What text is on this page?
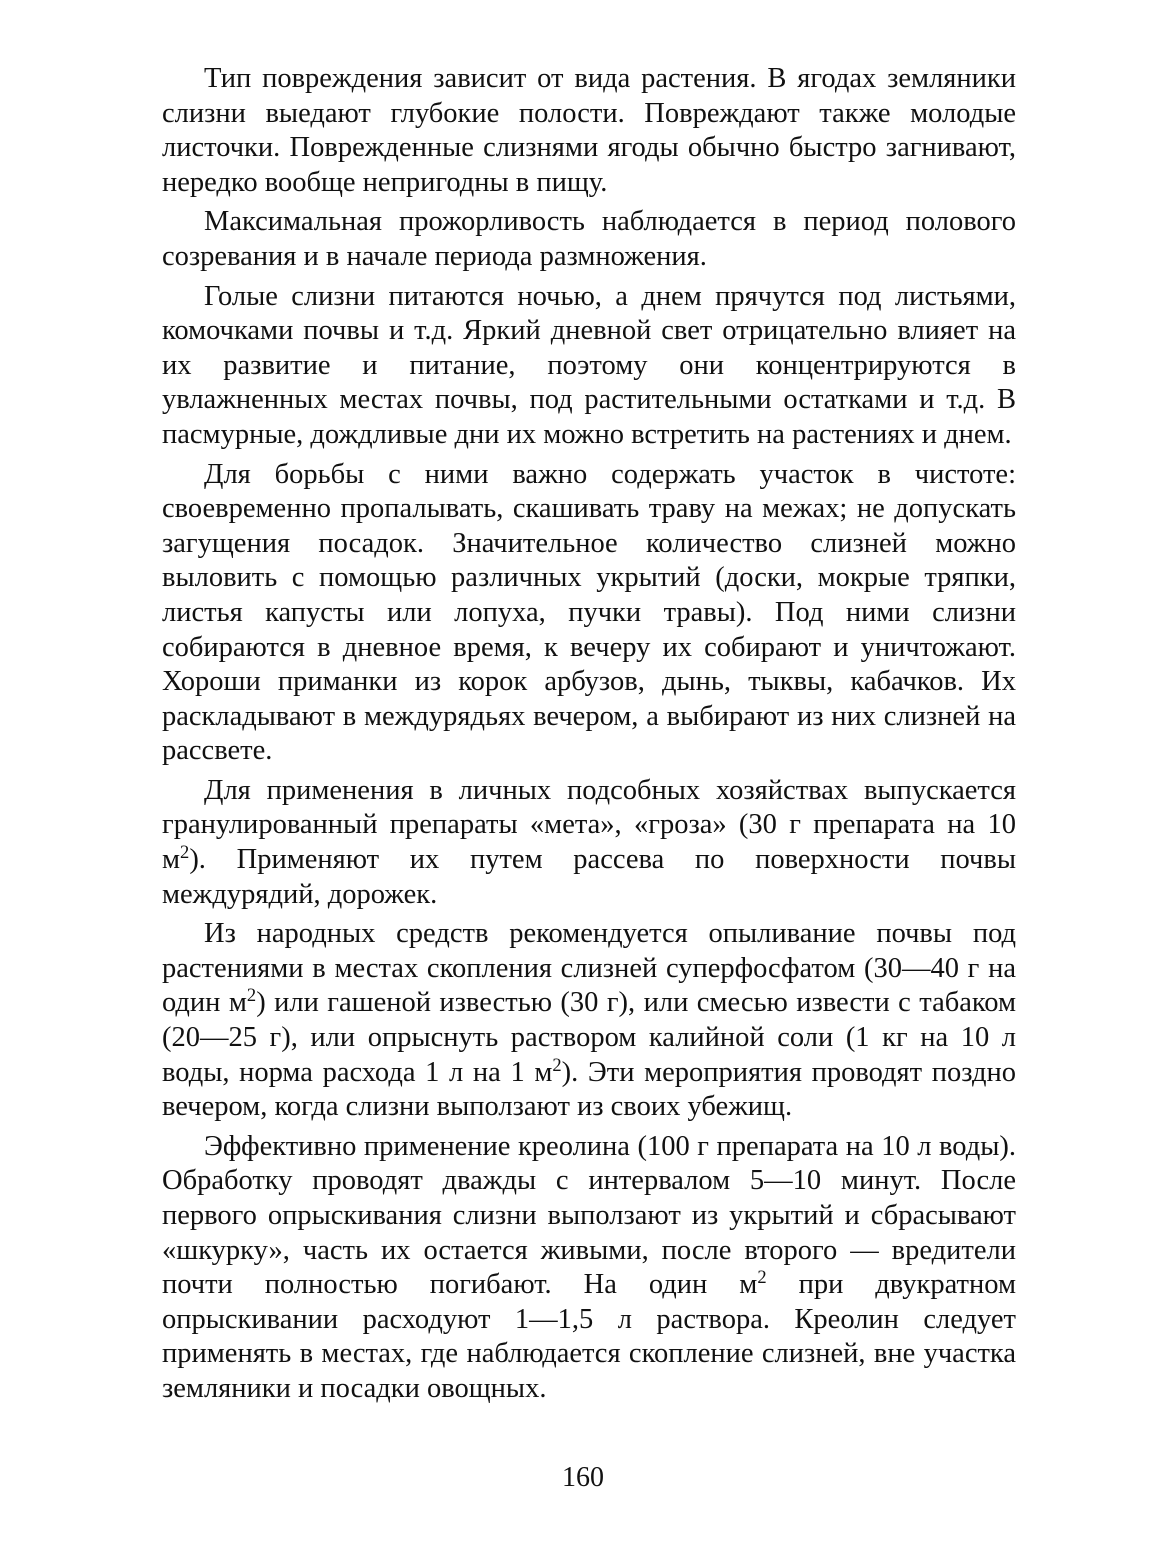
Тип повреждения зависит от вида растения. В ягодах земляники слизни выедают глубокие полости. Повреждают также молодые листочки. Поврежденные слизнями ягоды обычно быстро загнивают, нередко вообще непригодны в пищу.

Максимальная прожорливость наблюдается в период полового созревания и в начале периода размножения.

Голые слизни питаются ночью, а днем прячутся под листьями, комочками почвы и т.д. Яркий дневной свет отрицательно влияет на их развитие и питание, поэтому они концентрируются в увлажненных местах почвы, под растительными остатками и т.д. В пасмурные, дождливые дни их можно встретить на растениях и днем.

Для борьбы с ними важно содержать участок в чистоте: своевременно пропалывать, скашивать траву на межах; не допускать загущения посадок. Значительное количество слизней можно выловить с помощью различных укрытий (доски, мокрые тряпки, листья капусты или лопуха, пучки травы). Под ними слизни собираются в дневное время, к вечеру их собирают и уничтожают. Хороши приманки из корок арбузов, дынь, тыквы, кабачков. Их раскладывают в междурядьях вечером, а выбирают из них слизней на рассвете.

Для применения в личных подсобных хозяйствах выпускается гранулированный препараты «мета», «гроза» (30 г препарата на 10 $м^2$). Применяют их путем рассева по поверхности почвы междурядий, дорожек.

Из народных средств рекомендуется опыливание почвы под растениями в местах скопления слизней суперфосфатом (30—40 г на один $м^2$) или гашеной известью (30 г), или смесью извести с табаком (20—25 г), или опрыснуть раствором калийной соли (1 кг на 10 л воды, норма расхода 1 л на 1 $м^2$). Эти мероприятия проводят поздно вечером, когда слизни выползают из своих убежищ.

Эффективно применение креолина (100 г препарата на 10 л воды). Обработку проводят дважды с интервалом 5—10 минут. После первого опрыскивания слизни выползают из укрытий и сбрасывают «шкурку», часть их остается живыми, после второго — вредители почти полностью погибают. На один $м^2$ при двукратном опрыскивании расходуют 1—1,5 л раствора. Креолин следует применять в местах, где наблюдается скопление слизней, вне участка земляники и посадки овощных.

160
